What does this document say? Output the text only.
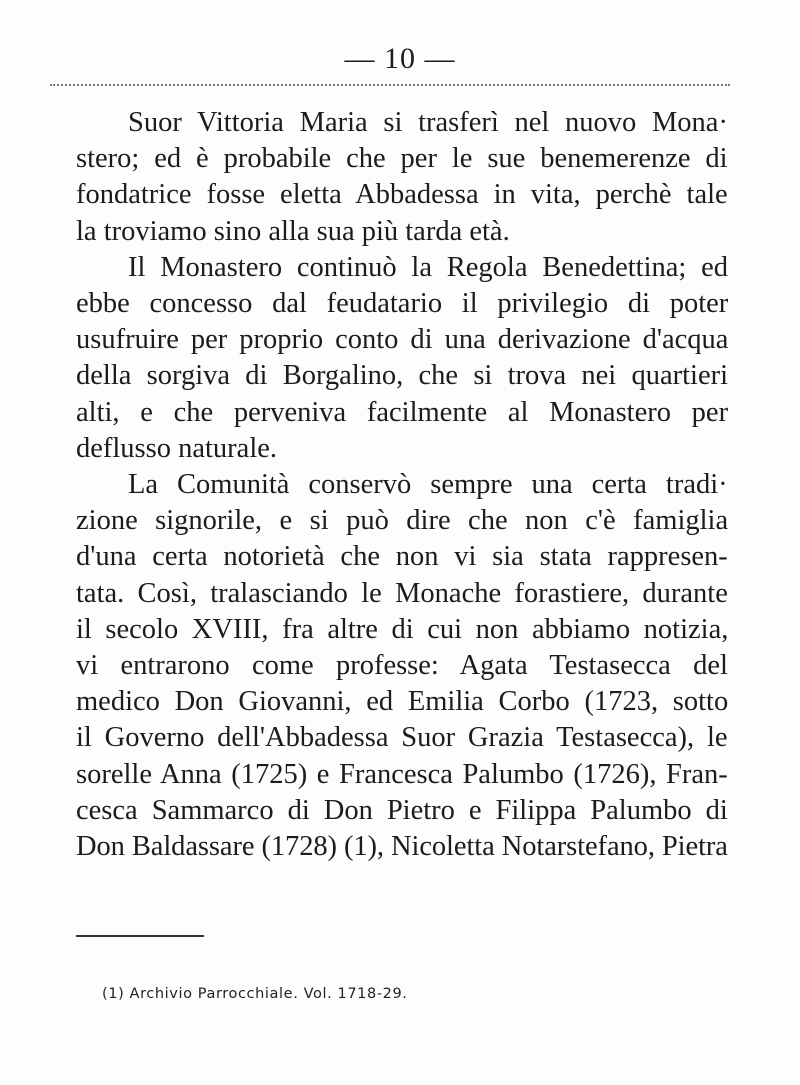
— 10 —
Suor Vittoria Maria si trasferì nel nuovo Mona·
stero; ed è probabile che per le sue benemerenze di
fondatrice fosse eletta Abbadessa in vita, perchè tale
la troviamo sino alla sua più tarda età.
Il Monastero continuò la Regola Benedettina; ed
ebbe concesso dal feudatario il privilegio di poter
usufruire per proprio conto di una derivazione d'acqua
della sorgiva di Borgalino, che si trova nei quartieri
alti, e che perveniva facilmente al Monastero per
deflusso naturale.
La Comunità conservò sempre una certa tradi·
zione signorile, e si può dire che non c'è famiglia
d'una certa notorietà che non vi sia stata rappresen-
tata. Così, tralasciando le Monache forastiere, durante
il secolo XVIII, fra altre di cui non abbiamo notizia,
vi entrarono come professe: Agata Testasecca del
medico Don Giovanni, ed Emilia Corbo (1723, sotto
il Governo dell'Abbadessa Suor Grazia Testasecca), le
sorelle Anna (1725) e Francesca Palumbo (1726), Fran-
cesca Sammarco di Don Pietro e Filippa Palumbo di
Don Baldassare (1728) (1), Nicoletta Notarstefano, Pietra
(1) Archivio Parrocchiale. Vol. 1718-29.
